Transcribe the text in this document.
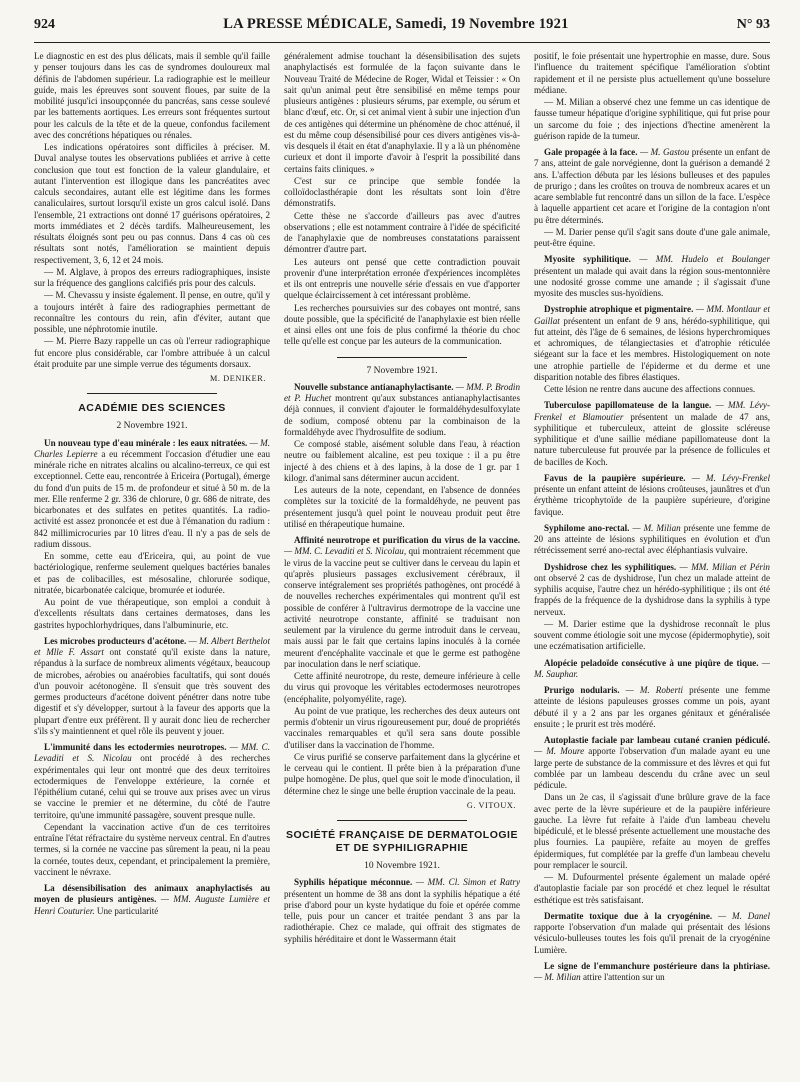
924	LA PRESSE MÉDICALE, Samedi, 19 Novembre 1921	N° 93

Le diagnostic en est des plus délicats, mais il semble qu'il faille y penser toujours dans les cas de syndromes douloureux mal définis de l'abdomen supérieur. La radiographie est le meilleur guide, mais les épreuves sont souvent floues, par suite de la mobilité jusqu'ici insoupçonnée du pancréas, sans cesse soulevé par les battements aortiques. Les erreurs sont fréquentes surtout pour les calculs de la tête et de la queue, confondus facilement avec des concrétions hépatiques ou rénales.

Les indications opératoires sont difficiles à préciser. M. Duval analyse toutes les observations publiées et arrive à cette conclusion que tout est fonction de la valeur glandulaire, et autant l'intervention est illogique dans les pancréatites avec calculs secondaires, autant elle est légitime dans les formes canaliculaires, surtout lorsqu'il existe un gros calcul isolé. Dans l'ensemble, 21 extractions ont donné 17 guérisons opératoires, 2 morts immédiates et 2 décès tardifs. Malheureusement, les résultats éloignés sont peu ou pas connus. Dans 4 cas où ces résultats sont notés, l'amélioration se maintient depuis respectivement, 3, 6, 12 et 24 mois.

— M. Alglave, à propos des erreurs radiographiques, insiste sur la fréquence des ganglions calcifiés pris pour des calculs.

— M. Chevassu y insiste également. Il pense, en outre, qu'il y a toujours intérêt à faire des radiographies permettant de reconnaître les contours du rein, afin d'éviter, autant que possible, une néphrotomie inutile.

— M. Pierre Bazy rappelle un cas où l'erreur radiographique fut encore plus considérable, car l'ombre attribuée à un calcul était produite par une simple verrue des téguments dorsaux.

M. DENIKER.
ACADÉMIE DES SCIENCES
2 Novembre 1921.

Un nouveau type d'eau minérale : les eaux nitratées. — M. Charles Lepierre a eu récemment l'occasion d'étudier une eau minérale riche en nitrates alcalins ou alcalino-terreux, ce qui est exceptionnel. Cette eau, rencontrée à Ericeira (Portugal), émerge du fond d'un puits de 15 m. de profondeur et situé à 50 m. de la mer. Elle renferme 2 gr. 336 de chlorure, 0 gr. 686 de nitrate, des bicarbonates et des sulfates en petites quantités. La radio-activité est assez prononcée et est due à l'émanation du radium : 842 millimicrocuries par 10 litres d'eau. Il n'y a pas de sels de radium dissous.

En somme, cette eau d'Ericeira, qui, au point de vue bactériologique, renferme seulement quelques bactéries banales et pas de colibacilles, est mésosaline, chlorurée sodique, nitratée, bicarbonatée calcique, bromurée et iodurée.

Au point de vue thérapeutique, son emploi a conduit à d'excellents résultats dans certaines dermatoses, dans les gastrites hypochlorhydriques, dans l'albuminurie, etc.

Les microbes producteurs d'acétone. — M. Albert Berthelot et Mlle F. Assart ont constaté qu'il existe dans la nature, répandus à la surface de nombreux aliments végétaux, beaucoup de microbes, aérobies ou anaérobies facultatifs, qui sont doués d'un pouvoir acétonogène. Il s'ensuit que très souvent des germes producteurs d'acétone doivent pénétrer dans notre tube digestif et s'y développer, surtout à la faveur des apports que la plupart d'entre eux préfèrent. Il y aurait donc lieu de rechercher s'ils s'y maintiennent et quel rôle ils peuvent y jouer.

L'immunité dans les ectodermies neurotropes. — MM. C. Levaditi et S. Nicolau ont procédé à des recherches expérimentales qui leur ont montré que des deux territoires ectodermiques de l'enveloppe extérieure, la cornée et l'épithélium cutané, celui qui se trouve aux prises avec un virus se vaccine le premier et ne détermine, du côté de l'autre territoire, qu'une immunité passagère, souvent presque nulle.

Cependant la vaccination active d'un de ces territoires entraîne l'état réfractaire du système nerveux central. En d'autres termes, si la cornée ne vaccine pas sûrement la peau, ni la peau la cornée, toutes deux, cependant, et principalement la première, vaccinent le névraxe.

La désensibilisation des animaux anaphylactisés au moyen de plusieurs antigènes. — MM. Auguste Lumière et Henri Couturier. Une particularité

généralement admise touchant la désensibilisation des sujets anaphylactisés est formulée de la façon suivante dans le Nouveau Traité de Médecine de Roger, Widal et Teissier : « On sait qu'un animal peut être sensibilisé en même temps pour plusieurs antigènes : plusieurs sérums, par exemple, ou sérum et blanc d'œuf, etc. Or, si cet animal vient à subir une injection d'un de ces antigènes qui détermine un phénomène de choc atténué, il est du même coup désensibilisé pour ces divers antigènes vis-à-vis desquels il était en état d'anaphylaxie. Il y a là un phénomène curieux et dont il importe d'avoir à l'esprit la possibilité dans certains faits cliniques. »

C'est sur ce principe que semble fondée la colloïdoclasthérapie dont les résultats sont loin d'être démonstratifs.

Cette thèse ne s'accorde d'ailleurs pas avec d'autres observations ; elle est notamment contraire à l'idée de spécificité de l'anaphylaxie que de nombreuses constatations paraissent démontrer d'autre part.

Les auteurs ont pensé que cette contradiction pouvait provenir d'une interprétation erronée d'expériences incomplètes et ils ont entrepris une nouvelle série d'essais en vue d'apporter quelque éclaircissement à cet intéressant problème.

Les recherches poursuivies sur des cobayes ont montré, sans doute possible, que la spécificité de l'anaphylaxie est bien réelle et ainsi elles ont une fois de plus confirmé la théorie du choc telle qu'elle est conçue par les auteurs de la communication.

7 Novembre 1921.

Nouvelle substance antianaphylactisante. — MM. P. Brodin et P. Huchet montrent qu'aux substances antianaphylactisantes déjà connues, il convient d'ajouter le formaldéhydesulfoxylate de sodium, composé obtenu par la combinaison de la formaldéhyde avec l'hydrosulfite de sodium.

Ce composé stable, aisément soluble dans l'eau, à réaction neutre ou faiblement alcaline, est peu toxique : il a pu être injecté à des chiens et à des lapins, à la dose de 1 gr. par 1 kilogr. d'animal sans déterminer aucun accident.

Les auteurs de la note, cependant, en l'absence de données complètes sur la toxicité de la formaldéhyde, ne peuvent pas présentement jusqu'à quel point le nouveau produit peut être utilisé en thérapeutique humaine.

Affinité neurotrope et purification du virus de la vaccine. — MM. C. Levaditi et S. Nicolau, qui montraient récemment que le virus de la vaccine peut se cultiver dans le cerveau du lapin et qu'après plusieurs passages exclusivement cérébraux, il conserve intégralement ses propriétés pathogènes, ont procédé à de nouvelles recherches expérimentales qui montrent qu'il est possible de conférer à l'ultravirus dermotrope de la vaccine une activité neurotrope constante, affinité se traduisant non seulement par la virulence du germe introduit dans le cerveau, mais aussi par le fait que certains lapins inoculés à la cornée meurent d'encéphalite vaccinale et que le germe est pathogène par inoculation dans le nerf sciatique.

Cette affinité neurotrope, du reste, demeure inférieure à celle du virus qui provoque les véritables ectodermoses neurotropes (encéphalite, polyomyélite, rage).

Au point de vue pratique, les recherches des deux auteurs ont permis d'obtenir un virus rigoureusement pur, doué de propriétés vaccinales remarquables et qu'il sera sans doute possible d'utiliser dans la vaccination de l'homme.

Ce virus purifié se conserve parfaitement dans la glycérine et le cerveau qui le contient. Il prête bien à la préparation d'une pulpe homogène. De plus, quel que soit le mode d'inoculation, il détermine chez le singe une belle éruption vaccinale de la peau.

G. VITOUX.
SOCIÉTÉ FRANÇAISE DE DERMATOLOGIE ET DE SYPHILIGRAPHIE
10 Novembre 1921.

Syphilis hépatique méconnue. — MM. Cl. Simon et Ratry présentent un homme de 38 ans dont la syphilis hépatique a été prise d'abord pour un kyste hydatique du foie et opérée comme telle, puis pour un cancer et traitée pendant 3 ans par la radiothérapie. Chez ce malade, qui offrait des stigmates de syphilis héréditaire et dont le Wassermann était

positif, le foie présentait une hypertrophie en masse, dure. Sous l'influence du traitement spécifique l'amélioration s'obtint rapidement et il ne persiste plus actuellement qu'une bosselure médiane.

— M. Milian a observé chez une femme un cas identique de fausse tumeur hépatique d'origine syphilitique, qui fut prise pour un sarcome du foie ; des injections d'hectine amenèrent la guérison rapide de la tumeur.

Gale propagée à la face. — M. Gastou présente un enfant de 7 ans, atteint de gale norvégienne, dont la guérison a demandé 2 ans. L'affection débuta par les lésions bulleuses et des papules de prurigo ; dans les croûtes on trouva de nombreux acares et un acare semblable fut rencontré dans un sillon de la face. L'espèce à laquelle appartient cet acare et l'origine de la contagion n'ont pu être déterminés.

— M. Darier pense qu'il s'agit sans doute d'une gale animale, peut-être équine.

Myosite syphilitique. — MM. Hudelo et Boulanger présentent un malade qui avait dans la région sous-mentonnière une nodosité grosse comme une amande ; il s'agissait d'une myosite des muscles sus-hyoïdiens.

Dystrophie atrophique et pigmentaire. — MM. Montlaur et Gaillat présentent un enfant de 9 ans, hérédo-syphilitique, qui fut atteint, dès l'âge de 6 semaines, de lésions hyperchromiques et achromiques, de télangiectasies et d'atrophie réticulée siégeant sur la face et les membres. Histologiquement on note une atrophie partielle de l'épiderme et du derme et une disparition notable des fibres élastiques.

Cette lésion ne rentre dans aucune des affections connues.

Tuberculose papillomateuse de la langue. — MM. Lévy-Frenkel et Blamoutier présentent un malade de 47 ans, syphilitique et tuberculeux, atteint de glossite scléreuse syphilitique et d'une saillie médiane papillomateuse dont la nature tuberculeuse fut prouvée par la présence de follicules et de bacilles de Koch.

Favus de la paupière supérieure. — M. Lévy-Frenkel présente un enfant atteint de lésions croûteuses, jaunâtres et d'un érythème tricophytoïde de la paupière supérieure, d'origine favique.

Syphilome ano-rectal. — M. Milian présente une femme de 20 ans atteinte de lésions syphilitiques en évolution et d'un rétrécissement serré ano-rectal avec éléphantiasis vulvaire.

Dyshidrose chez les syphilitiques. — MM. Milian et Périn ont observé 2 cas de dyshidrose, l'un chez un malade atteint de syphilis acquise, l'autre chez un hérédo-syphilitique ; ils ont été frappés de la fréquence de la dyshidrose dans la syphilis à type nerveux.

— M. Darier estime que la dyshidrose reconnaît le plus souvent comme étiologie soit une mycose (épidermophytie), soit une eczématisation artificielle.

Alopécie peladoïde consécutive à une piqûre de tique. — M. Sauphar.

Prurigo nodularis. — M. Roberti présente une femme atteinte de lésions papuleuses grosses comme un pois, ayant débuté il y a 2 ans par les organes génitaux et généralisée ensuite ; le prurit est très modéré.

Autoplastie faciale par lambeau cutané cranien pédiculé. — M. Moure apporte l'observation d'un malade ayant eu une large perte de substance de la commissure et des lèvres et qui fut comblée par un lambeau descendu du crâne avec un seul pédicule.

Dans un 2e cas, il s'agissait d'une brûlure grave de la face avec perte de la lèvre supérieure et de la paupière inférieure gauche. La lèvre fut refaite à l'aide d'un lambeau chevelu bipédiculé, et le blessé présente actuellement une moustache des plus fournies. La paupière, refaite au moyen de greffes épidermiques, fut complétée par la greffe d'un lambeau chevelu pour remplacer le sourcil.

— M. Dufourmentel présente également un malade opéré d'autoplastie faciale par son procédé et chez lequel le résultat esthétique est très satisfaisant.

Dermatite toxique due à la cryogénine. — M. Danel rapporte l'observation d'un malade qui présentait des lésions vésiculo-bulleuses toutes les fois qu'il prenait de la cryogénine Lumière.

Le signe de l'emmanchure postérieure dans la phtiriase. — M. Milian attire l'attention sur un
